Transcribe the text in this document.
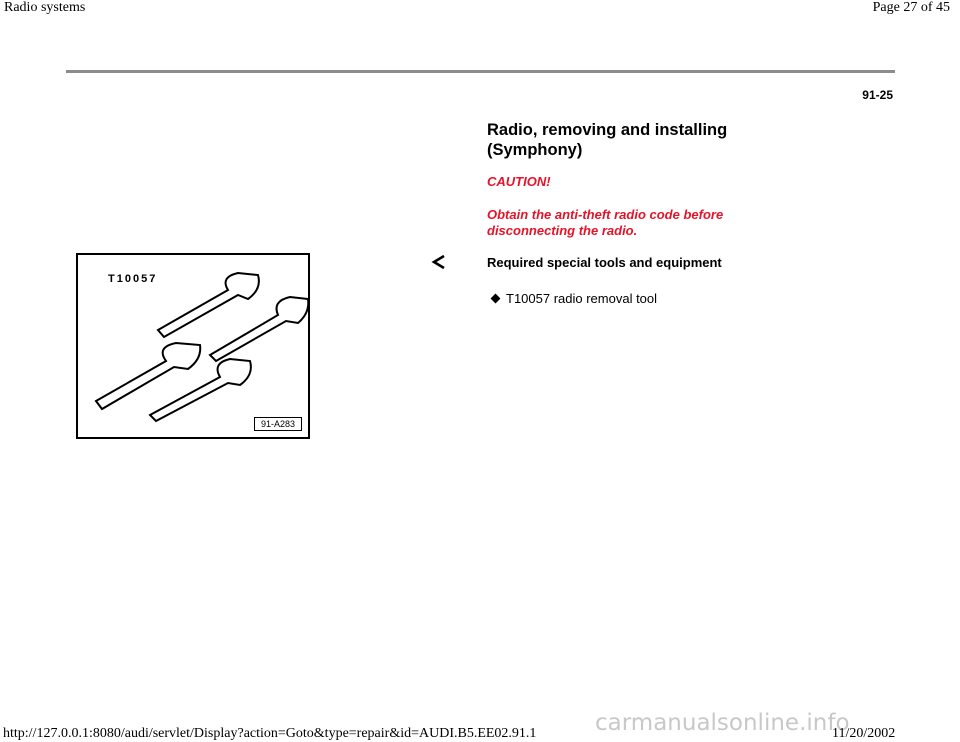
Radio systems	Page 27 of 45
91-25
Radio, removing and installing (Symphony)
CAUTION!
Obtain the anti-theft radio code before disconnecting the radio.
Required special tools and equipment
T10057 radio removal tool
T10057
91-A283
carmanualsonline.info
http://127.0.0.1:8080/audi/servlet/Display?action=Goto&type=repair&id=AUDI.B5.EE02.91.1	11/20/2002
